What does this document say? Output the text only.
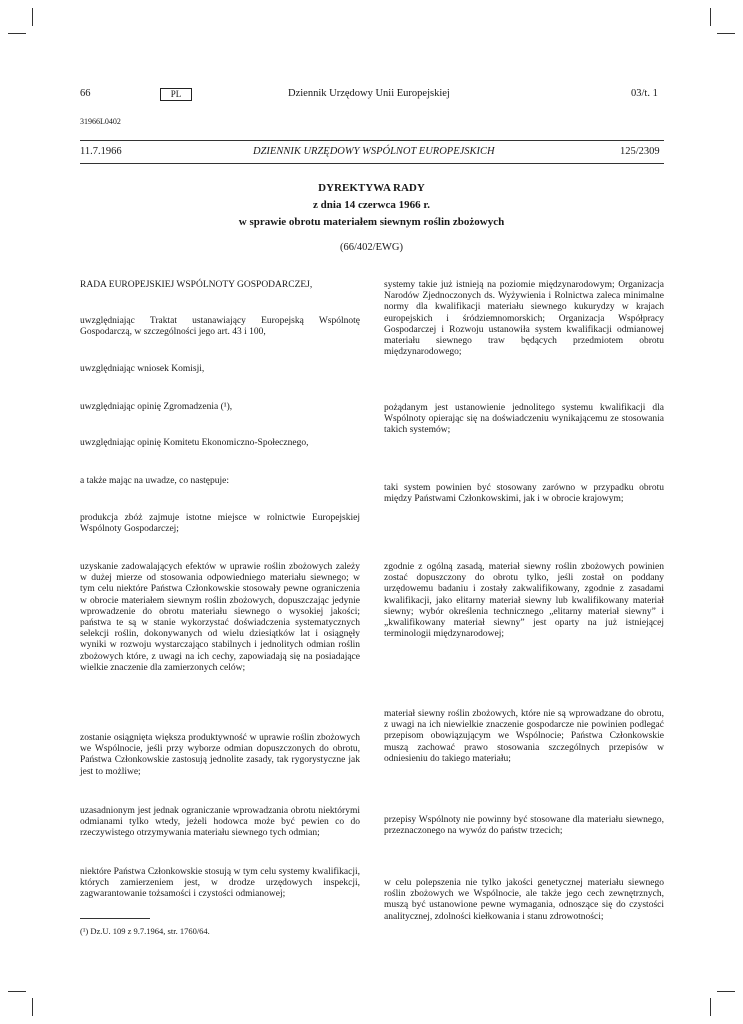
66	PL	Dziennik Urzędowy Unii Europejskiej	03/t. 1
31966L0402
11.7.1966	DZIENNIK URZĘDOWY WSPÓLNOT EUROPEJSKICH	125/2309
DYREKTYWA RADY
z dnia 14 czerwca 1966 r.
w sprawie obrotu materiałem siewnym roślin zbożowych
(66/402/EWG)

RADA EUROPEJSKIEJ WSPÓLNOTY GOSPODARCZEJ,

uwzględniając Traktat ustanawiający Europejską Wspólnotę Gospodarczą, w szczególności jego art. 43 i 100,

uwzględniając wniosek Komisji,

uwzględniając opinię Zgromadzenia (¹),

uwzględniając opinię Komitetu Ekonomiczno-Społecznego,

a także mając na uwadze, co następuje:

produkcja zbóż zajmuje istotne miejsce w rolnictwie Europejskiej Wspólnoty Gospodarczej;

uzyskanie zadowalających efektów w uprawie roślin zbożowych zależy w dużej mierze od stosowania odpowiedniego materiału siewnego; w tym celu niektóre Państwa Członkowskie stosowały pewne ograniczenia w obrocie materiałem siewnym roślin zbożowych, dopuszczając jedynie wprowadzenie do obrotu materiału siewnego o wysokiej jakości; państwa te są w stanie wykorzystać doświadczenia systematycznych selekcji roślin, dokonywanych od wielu dziesiątków lat i osiągnęły wyniki w rozwoju wystarczająco stabilnych i jednolitych odmian roślin zbożowych które, z uwagi na ich cechy, zapowiadają się na posiadające wielkie znaczenie dla zamierzonych celów;

zostanie osiągnięta większa produktywność w uprawie roślin zbożowych we Wspólnocie, jeśli przy wyborze odmian dopuszczonych do obrotu, Państwa Członkowskie zastosują jednolite zasady, tak rygorystyczne jak jest to możliwe;

uzasadnionym jest jednak ograniczanie wprowadzania obrotu niektórymi odmianami tylko wtedy, jeżeli hodowca może być pewien co do rzeczywistego otrzymywania materiału siewnego tych odmian;

niektóre Państwa Członkowskie stosują w tym celu systemy kwalifikacji, których zamierzeniem jest, w drodze urzędowych inspekcji, zagwarantowanie tożsamości i czystości odmianowej;

(¹) Dz.U. 109 z 9.7.1964, str. 1760/64.

systemy takie już istnieją na poziomie międzynarodowym; Organizacja Narodów Zjednoczonych ds. Wyżywienia i Rolnictwa zaleca minimalne normy dla kwalifikacji materiału siewnego kukurydzy w krajach europejskich i śródziemnomorskich; Organizacja Współpracy Gospodarczej i Rozwoju ustanowiła system kwalifikacji odmianowej materiału siewnego traw będących przedmiotem obrotu międzynarodowego;

pożądanym jest ustanowienie jednolitego systemu kwalifikacji dla Wspólnoty opierając się na doświadczeniu wynikającemu ze stosowania takich systemów;

taki system powinien być stosowany zarówno w przypadku obrotu między Państwami Członkowskimi, jak i w obrocie krajowym;

zgodnie z ogólną zasadą, materiał siewny roślin zbożowych powinien zostać dopuszczony do obrotu tylko, jeśli został on poddany urzędowemu badaniu i zostały zakwalifikowany, zgodnie z zasadami kwalifikacji, jako elitarny materiał siewny lub kwalifikowany materiał siewny; wybór określenia technicznego „elitarny materiał siewny” i „kwalifikowany materiał siewny” jest oparty na już istniejącej terminologii międzynarodowej;

materiał siewny roślin zbożowych, które nie są wprowadzane do obrotu, z uwagi na ich niewielkie znaczenie gospodarcze nie powinien podlegać przepisom obowiązującym we Wspólnocie; Państwa Członkowskie muszą zachować prawo stosowania szczególnych przepisów w odniesieniu do takiego materiału;

przepisy Wspólnoty nie powinny być stosowane dla materiału siewnego, przeznaczonego na wywóz do państw trzecich;

w celu polepszenia nie tylko jakości genetycznej materiału siewnego roślin zbożowych we Wspólnocie, ale także jego cech zewnętrznych, muszą być ustanowione pewne wymagania, odnoszące się do czystości analitycznej, zdolności kiełkowania i stanu zdrowotności;
